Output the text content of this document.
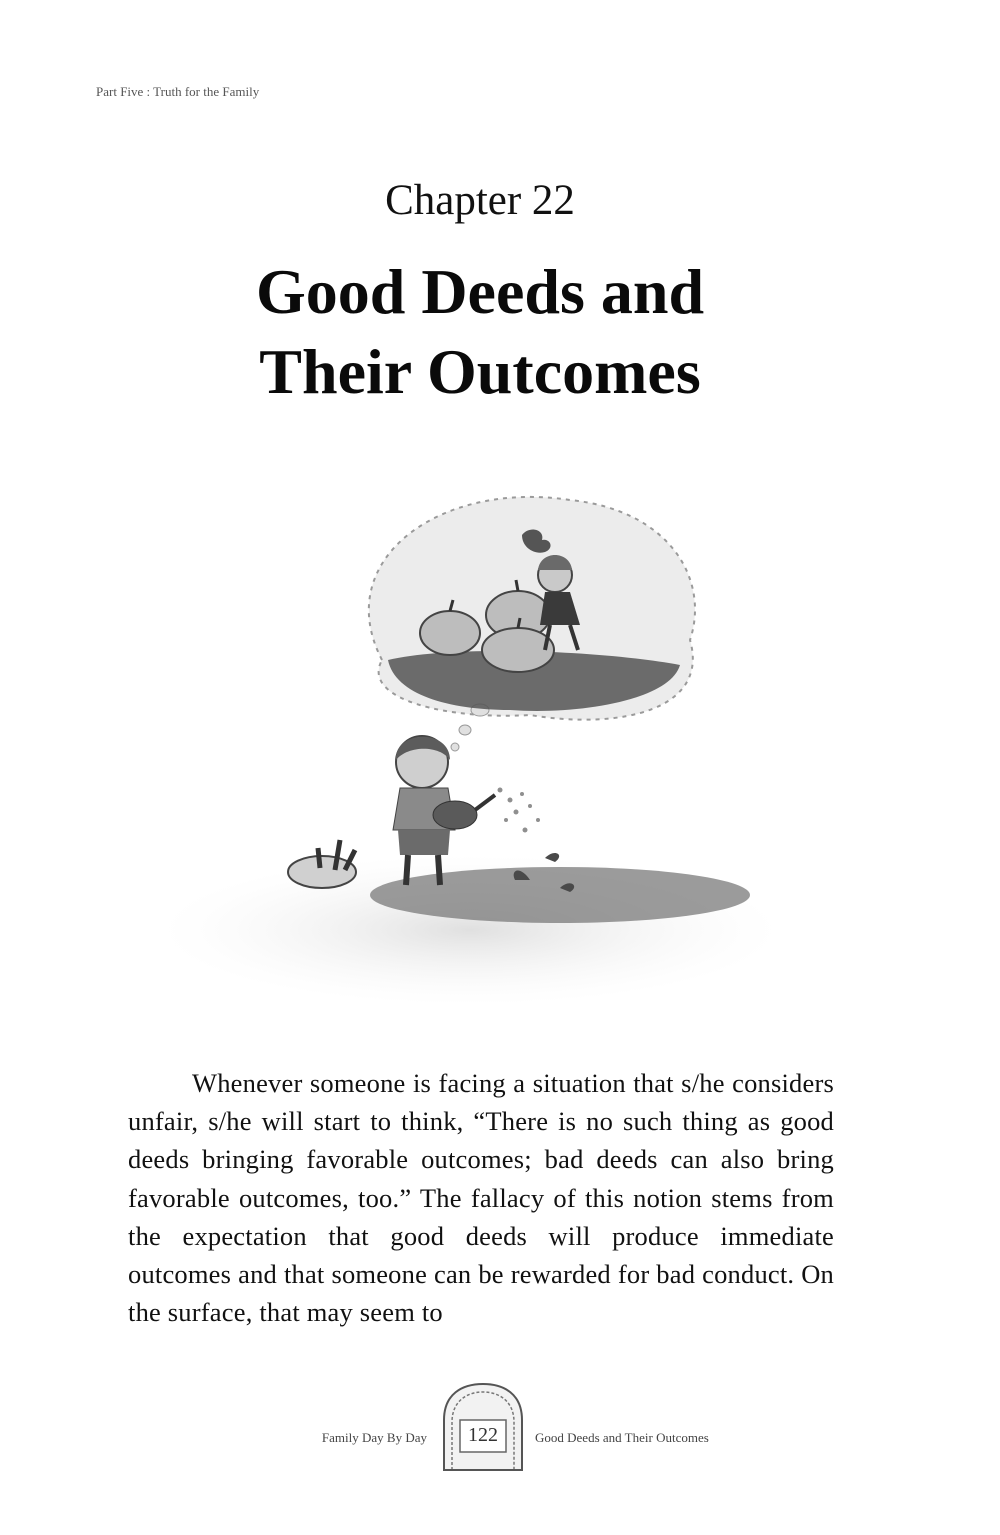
Part Five : Truth for the Family
Chapter 22
Good Deeds and
Their Outcomes

Whenever someone is facing a situation that s/he considers unfair, s/he will start to think, “There is no such thing as good deeds bringing favorable outcomes; bad deeds can also bring favorable outcomes, too.” The fallacy of this notion stems from the expectation that good deeds will produce immediate outcomes and that someone can be rewarded for bad conduct. On the surface, that may seem to

Family Day By Day	122	Good Deeds and Their Outcomes
